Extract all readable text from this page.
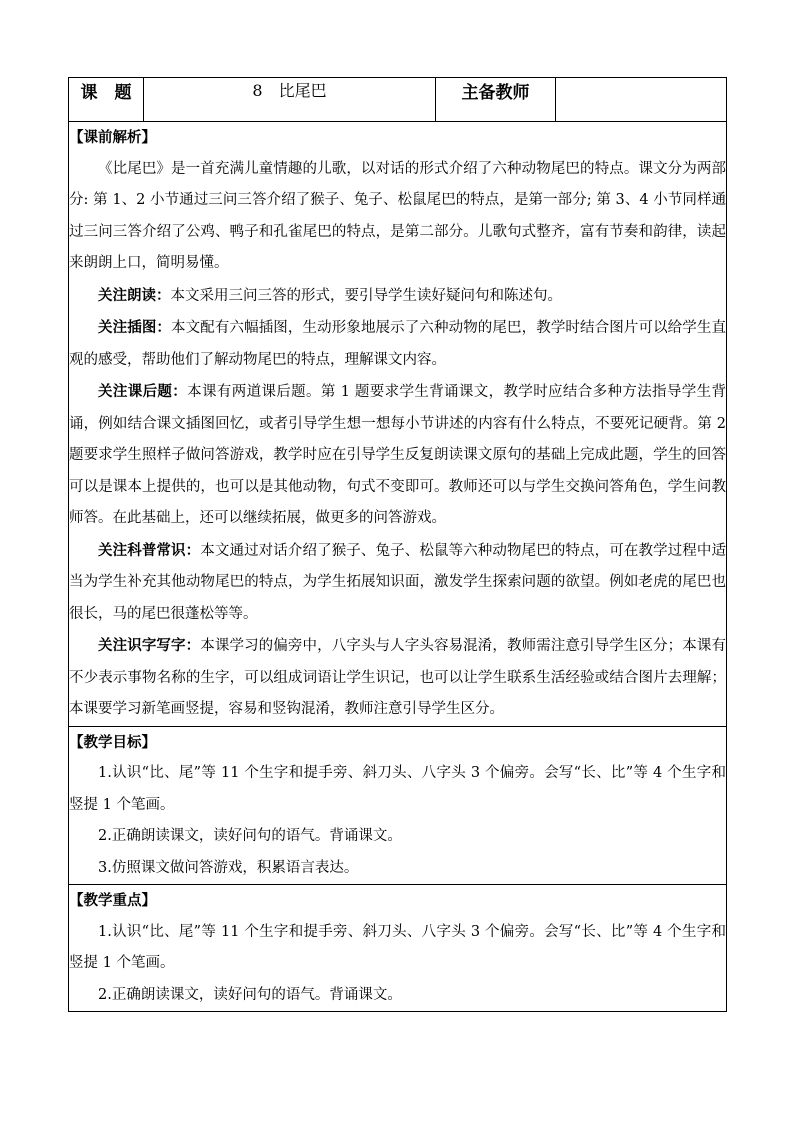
课　题	8　比尾巴	主备教师	

【课前解析】

《比尾巴》是一首充满儿童情趣的儿歌，以对话的形式介绍了六种动物尾巴的特点。课文分为两部分: 第 1、2 小节通过三问三答介绍了猴子、兔子、松鼠尾巴的特点，是第一部分; 第 3、4 小节同样通过三问三答介绍了公鸡、鸭子和孔雀尾巴的特点，是第二部分。儿歌句式整齐，富有节奏和韵律，读起来朗朗上口，简明易懂。

关注朗读：本文采用三问三答的形式，要引导学生读好疑问句和陈述句。

关注插图：本文配有六幅插图，生动形象地展示了六种动物的尾巴，教学时结合图片可以给学生直观的感受，帮助他们了解动物尾巴的特点，理解课文内容。

关注课后题：本课有两道课后题。第 1 题要求学生背诵课文，教学时应结合多种方法指导学生背诵，例如结合课文插图回忆，或者引导学生想一想每小节讲述的内容有什么特点，不要死记硬背。第 2 题要求学生照样子做问答游戏，教学时应在引导学生反复朗读课文原句的基础上完成此题，学生的回答可以是课本上提供的，也可以是其他动物，句式不变即可。教师还可以与学生交换问答角色，学生问教师答。在此基础上，还可以继续拓展，做更多的问答游戏。

关注科普常识：本文通过对话介绍了猴子、兔子、松鼠等六种动物尾巴的特点，可在教学过程中适当为学生补充其他动物尾巴的特点，为学生拓展知识面，激发学生探索问题的欲望。例如老虎的尾巴也很长，马的尾巴很蓬松等等。

关注识字写字：本课学习的偏旁中，八字头与人字头容易混淆，教师需注意引导学生区分；本课有不少表示事物名称的生字，可以组成词语让学生识记，也可以让学生联系生活经验或结合图片去理解；本课要学习新笔画竖提，容易和竖钩混淆，教师注意引导学生区分。

【教学目标】

1.认识“比、尾”等 11 个生字和提手旁、斜刀头、八字头 3 个偏旁。会写“长、比”等 4 个生字和竖提 1 个笔画。

2.正确朗读课文，读好问句的语气。背诵课文。

3.仿照课文做问答游戏，积累语言表达。

【教学重点】

1.认识“比、尾”等 11 个生字和提手旁、斜刀头、八字头 3 个偏旁。会写“长、比”等 4 个生字和竖提 1 个笔画。

2.正确朗读课文，读好问句的语气。背诵课文。
